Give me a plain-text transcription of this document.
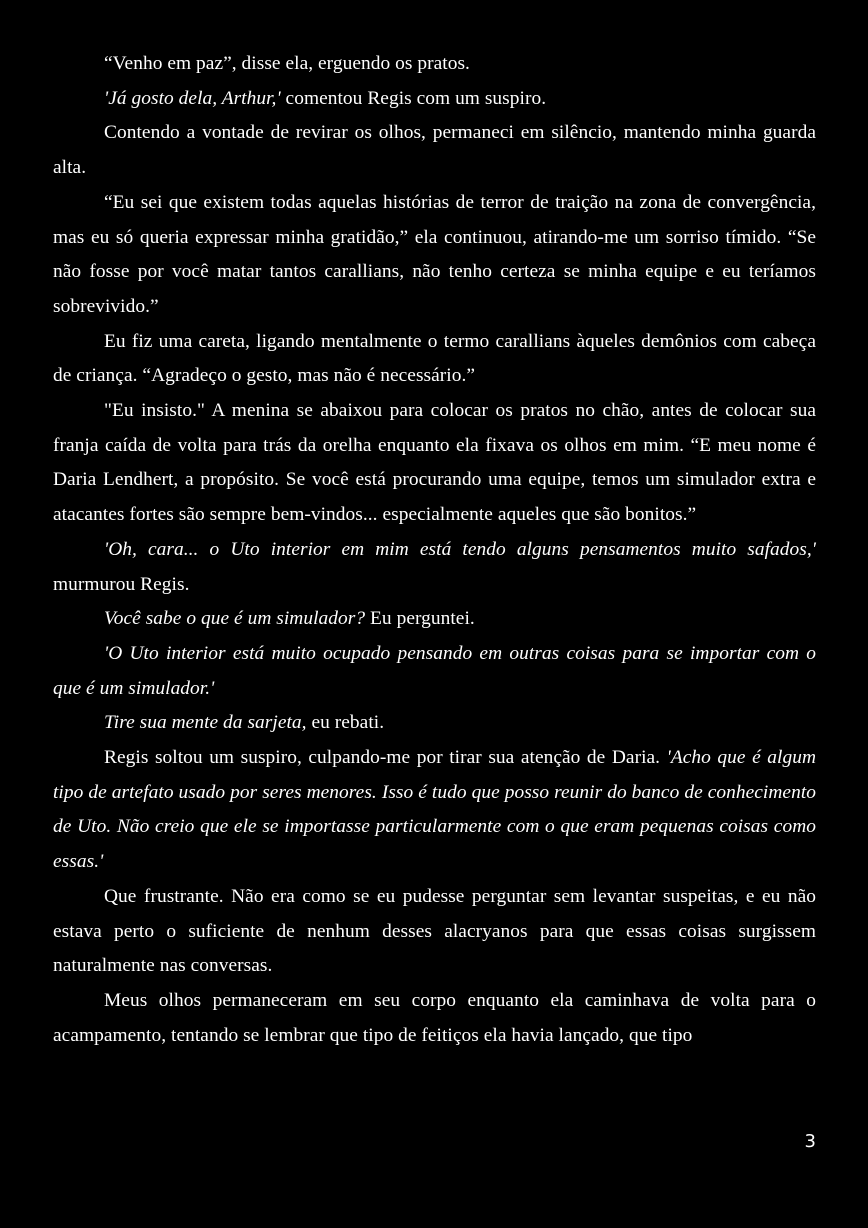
“Venho em paz”, disse ela, erguendo os pratos.

'Já gosto dela, Arthur,' comentou Regis com um suspiro.

Contendo a vontade de revirar os olhos, permaneci em silêncio, mantendo minha guarda alta.

“Eu sei que existem todas aquelas histórias de terror de traição na zona de convergência, mas eu só queria expressar minha gratidão,” ela continuou, atirando-me um sorriso tímido. “Se não fosse por você matar tantos carallians, não tenho certeza se minha equipe e eu teríamos sobrevivido.”

Eu fiz uma careta, ligando mentalmente o termo carallians àqueles demônios com cabeça de criança. “Agradeço o gesto, mas não é necessário.”

"Eu insisto." A menina se abaixou para colocar os pratos no chão, antes de colocar sua franja caída de volta para trás da orelha enquanto ela fixava os olhos em mim. “E meu nome é Daria Lendhert, a propósito. Se você está procurando uma equipe, temos um simulador extra e atacantes fortes são sempre bem-vindos... especialmente aqueles que são bonitos.”

'Oh, cara... o Uto interior em mim está tendo alguns pensamentos muito safados,' murmurou Regis.

Você sabe o que é um simulador? Eu perguntei.

'O Uto interior está muito ocupado pensando em outras coisas para se importar com o que é um simulador.'

Tire sua mente da sarjeta, eu rebati.

Regis soltou um suspiro, culpando-me por tirar sua atenção de Daria. 'Acho que é algum tipo de artefato usado por seres menores. Isso é tudo que posso reunir do banco de conhecimento de Uto. Não creio que ele se importasse particularmente com o que eram pequenas coisas como essas.'

Que frustrante. Não era como se eu pudesse perguntar sem levantar suspeitas, e eu não estava perto o suficiente de nenhum desses alacryanos para que essas coisas surgissem naturalmente nas conversas.

Meus olhos permaneceram em seu corpo enquanto ela caminhava de volta para o acampamento, tentando se lembrar que tipo de feitiços ela havia lançado, que tipo

3
